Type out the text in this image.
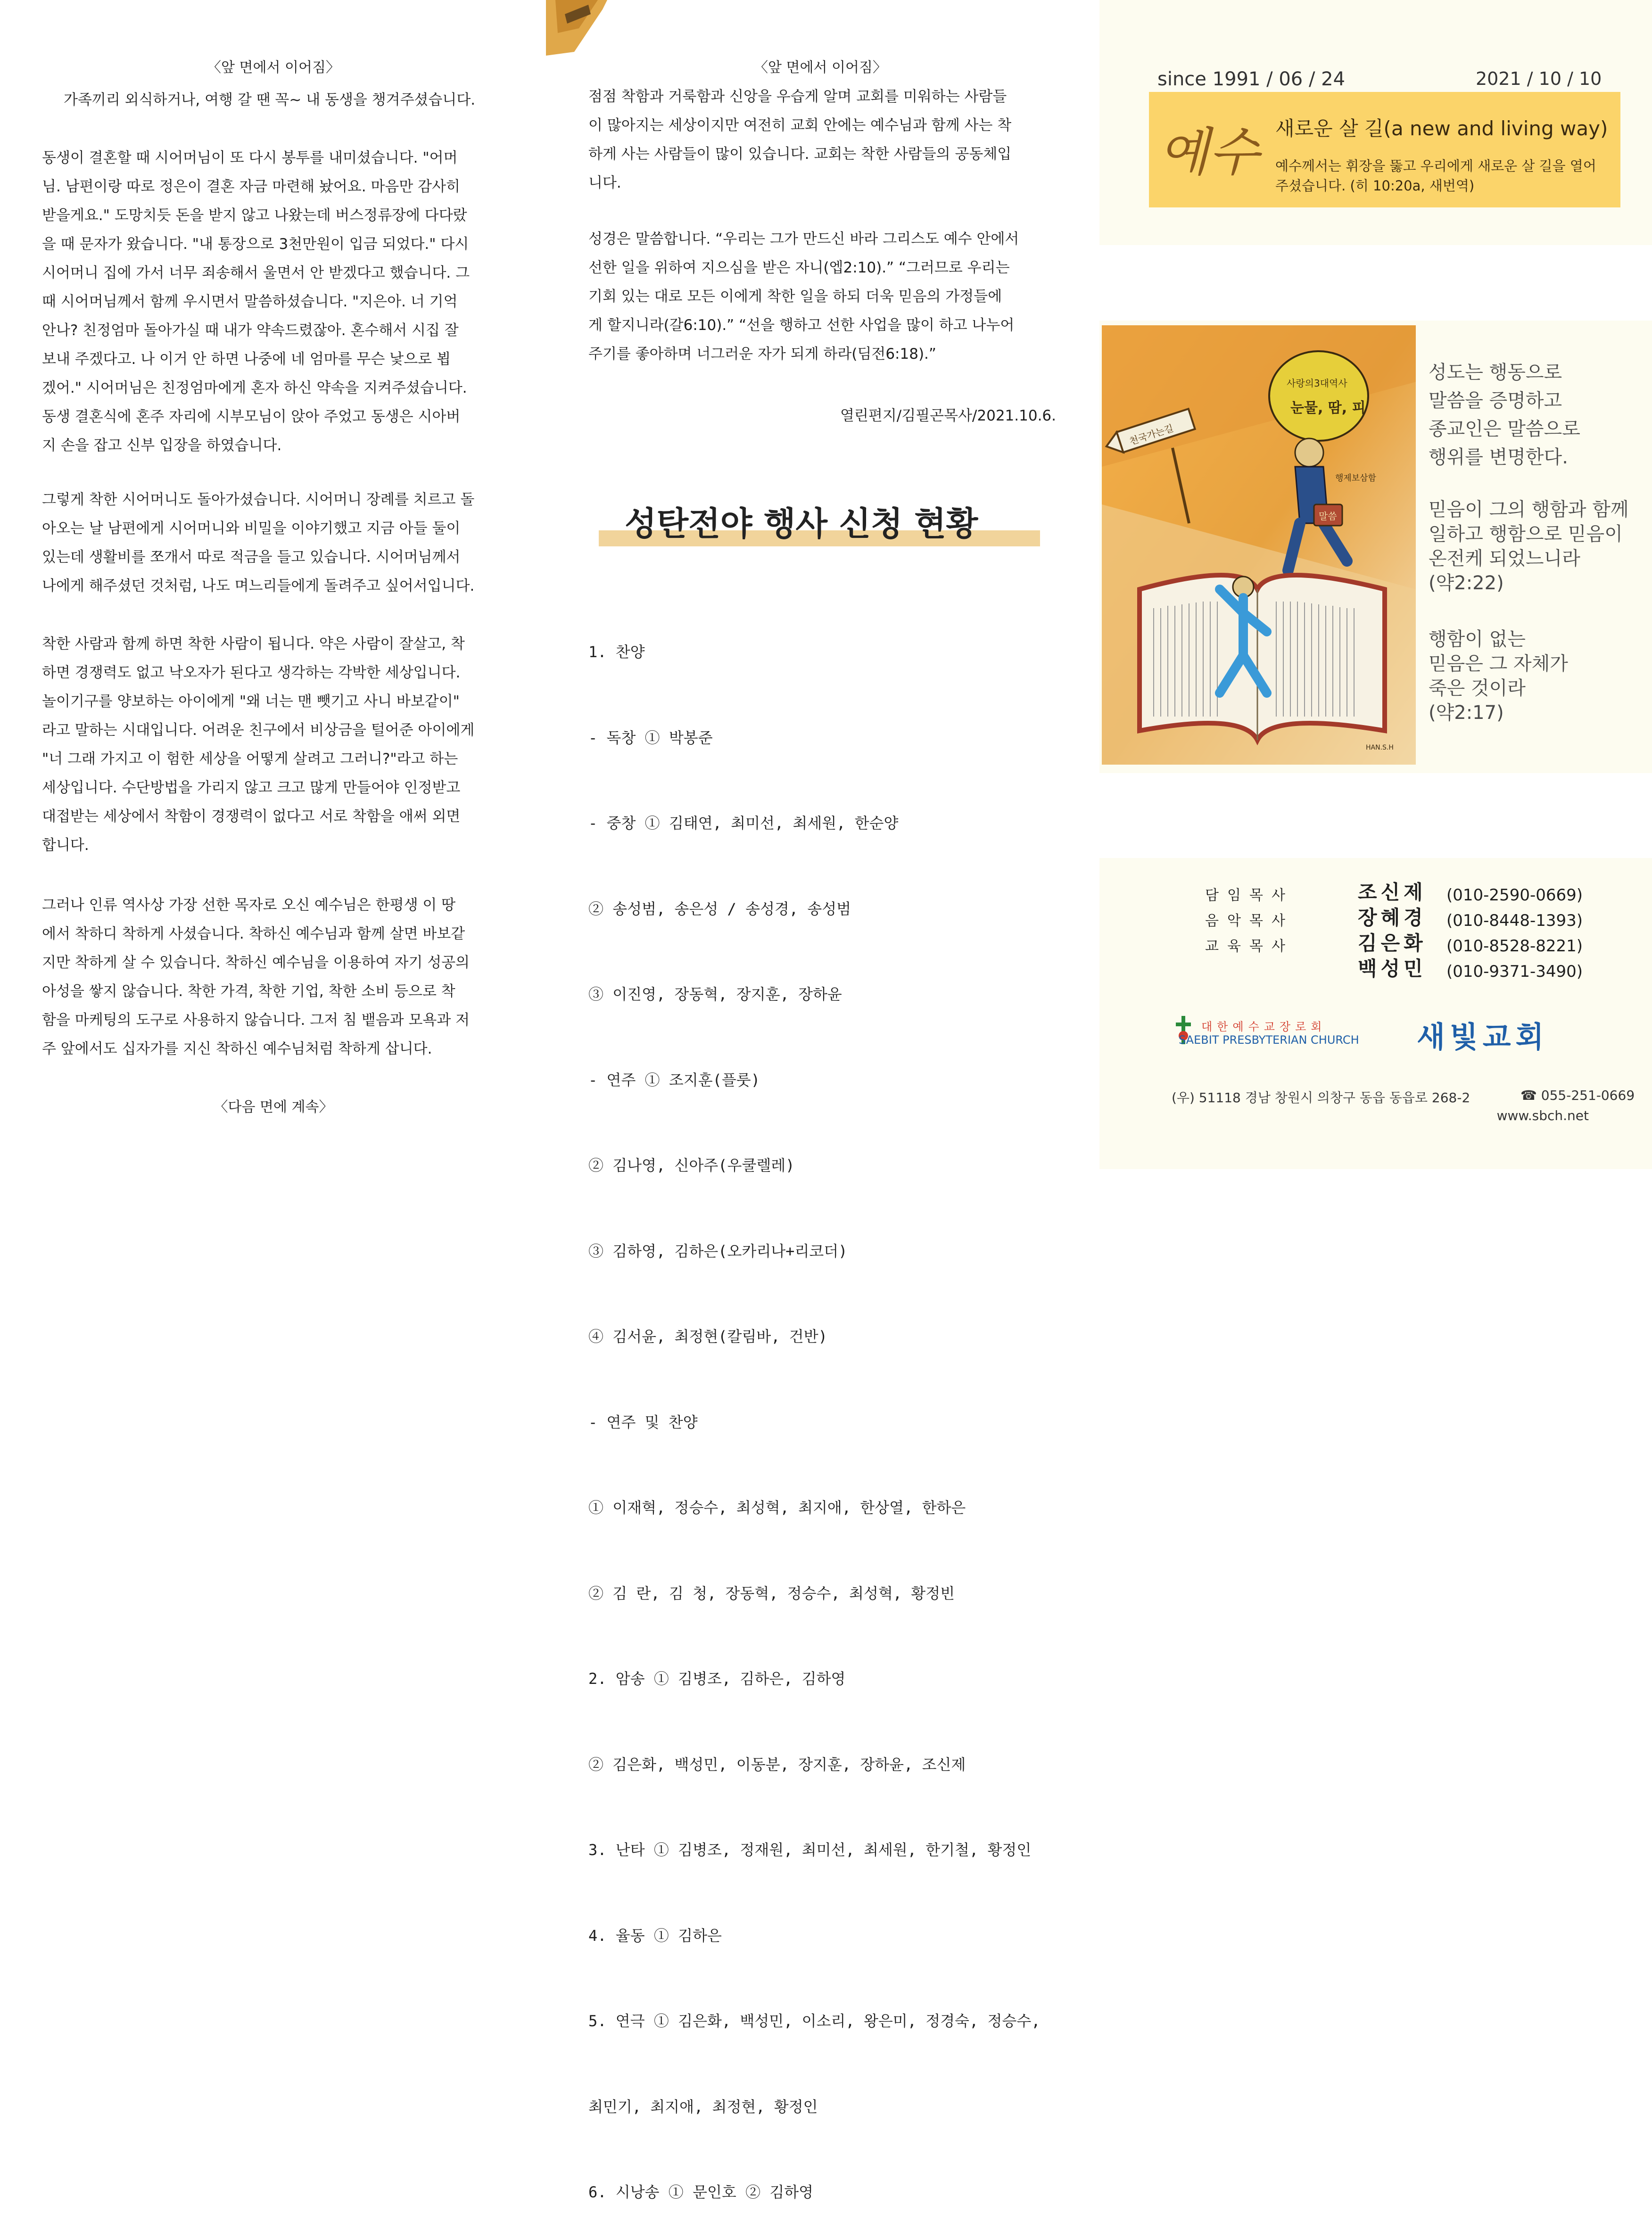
〈앞 면에서 이어짐〉
가족끼리 외식하거나, 여행 갈 땐 꼭~ 내 동생을 챙겨주셨습니다.
동생이 결혼할 때 시어머님이 또 다시 봉투를 내미셨습니다. "어머
님. 남편이랑 따로 정은이 결혼 자금 마련해 놨어요. 마음만 감사히
받을게요." 도망치듯 돈을 받지 않고 나왔는데 버스정류장에 다다랐
을 때 문자가 왔습니다. "내 통장으로 3천만원이 입금 되었다." 다시
시어머니 집에 가서 너무 죄송해서 울면서 안 받겠다고 했습니다. 그
때 시어머님께서 함께 우시면서 말씀하셨습니다. "지은아. 너 기억
안나? 친정엄마 돌아가실 때 내가 약속드렸잖아. 혼수해서 시집 잘
보내 주겠다고. 나 이거 안 하면 나중에 네 엄마를 무슨 낯으로 뵙
겠어." 시어머님은 친정엄마에게 혼자 하신 약속을 지켜주셨습니다.
동생 결혼식에 혼주 자리에 시부모님이 앉아 주었고 동생은 시아버
지 손을 잡고 신부 입장을 하였습니다.
그렇게 착한 시어머니도 돌아가셨습니다. 시어머니 장례를 치르고 돌
아오는 날 남편에게 시어머니와 비밀을 이야기했고 지금 아들 둘이
있는데 생활비를 쪼개서 따로 적금을 들고 있습니다. 시어머님께서
나에게 해주셨던 것처럼, 나도 며느리들에게 돌려주고 싶어서입니다.
착한 사람과 함께 하면 착한 사람이 됩니다. 약은 사람이 잘살고, 착
하면 경쟁력도 없고 낙오자가 된다고 생각하는 각박한 세상입니다.
놀이기구를 양보하는 아이에게 "왜 너는 맨 뺏기고 사니 바보같이"
라고 말하는 시대입니다. 어려운 친구에서 비상금을 털어준 아이에게
"너 그래 가지고 이 험한 세상을 어떻게 살려고 그러니?"라고 하는
세상입니다. 수단방법을 가리지 않고 크고 많게 만들어야 인정받고
대접받는 세상에서 착함이 경쟁력이 없다고 서로 착함을 애써 외면
합니다.
그러나 인류 역사상 가장 선한 목자로 오신 예수님은 한평생 이 땅
에서 착하디 착하게 사셨습니다. 착하신 예수님과 함께 살면 바보같
지만 착하게 살 수 있습니다. 착하신 예수님을 이용하여 자기 성공의
아성을 쌓지 않습니다. 착한 가격, 착한 기업, 착한 소비 등으로 착
함을 마케팅의 도구로 사용하지 않습니다. 그저 침 뱉음과 모욕과 저
주 앞에서도 십자가를 지신 착하신 예수님처럼 착하게 삽니다.
〈다음 면에 계속〉
〈앞 면에서 이어짐〉
점점 착함과 거룩함과 신앙을 우습게 알며 교회를 미워하는 사람들
이 많아지는 세상이지만 여전히 교회 안에는 예수님과 함께 사는 착
하게 사는 사람들이 많이 있습니다. 교회는 착한 사람들의 공동체입
니다.
성경은 말씀합니다. “우리는 그가 만드신 바라 그리스도 예수 안에서
선한 일을 위하여 지으심을 받은 자니(엡2:10).” “그러므로 우리는
기회 있는 대로 모든 이에게 착한 일을 하되 더욱 믿음의 가정들에
게 할지니라(갈6:10).” “선을 행하고 선한 사업을 많이 하고 나누어
주기를 좋아하며 너그러운 자가 되게 하라(딤전6:18).”
열린편지/김필곤목사/2021.10.6.
성탄전야 행사 신청 현황

1. 찬양

- 독창 ① 박봉준

- 중창 ① 김태연, 최미선, 최세원, 한순양

② 송성범, 송은성 / 송성경, 송성범

③ 이진영, 장동혁, 장지훈, 장하윤

- 연주 ① 조지훈(플룻)

② 김나영, 신아주(우쿨렐레)

③ 김하영, 김하은(오카리나+리코더)

④ 김서윤, 최정현(칼림바, 건반)

- 연주 및 찬양

① 이재혁, 정승수, 최성혁, 최지애, 한상열, 한하은

② 김 란, 김 청, 장동혁, 정승수, 최성혁, 황정빈

2. 암송 ① 김병조, 김하은, 김하영

② 김은화, 백성민, 이동분, 장지훈, 장하윤, 조신제

3. 난타 ① 김병조, 정재원, 최미선, 최세원, 한기철, 황정인

4. 율동 ① 김하은

5. 연극 ① 김은화, 백성민, 이소리, 왕은미, 정경숙, 정승수,

최민기, 최지애, 최정현, 황정인

6. 시낭송 ① 문인호 ② 김하영

since 1991 / 06 / 24	2021 / 10 / 10
예수 새로운 살 길(a new and living way)
예수께서는 휘장을 뚫고 우리에게 새로운 살 길을 열어
주셨습니다. (히 10:20a, 새번역)
천국가는길
사랑의3대역사
눈물, 땀, 피
말씀
행제보삼함
HAN.S.H
성도는 행동으로
말씀을 증명하고
종교인은 말씀으로
행위를 변명한다.
믿음이 그의 행함과 함께
일하고 행함으로 믿음이
온전케 되었느니라
(약2:22)
행함이 없는
믿음은 그 자체가
죽은 것이라
(약2:17)
담임목사	조신제 (010-2590-0669)
음악목사	장혜경 (010-8448-1393)
교육목사	김은화 (010-8528-8221)
백성민 (010-9371-3490)
대한예수교장로회
SAEBIT PRESBYTERIAN CHURCH 새빛교회
(우) 51118 경남 창원시 의창구 동읍 동읍로 268-2	☎ 055-251-0669
www.sbch.net
